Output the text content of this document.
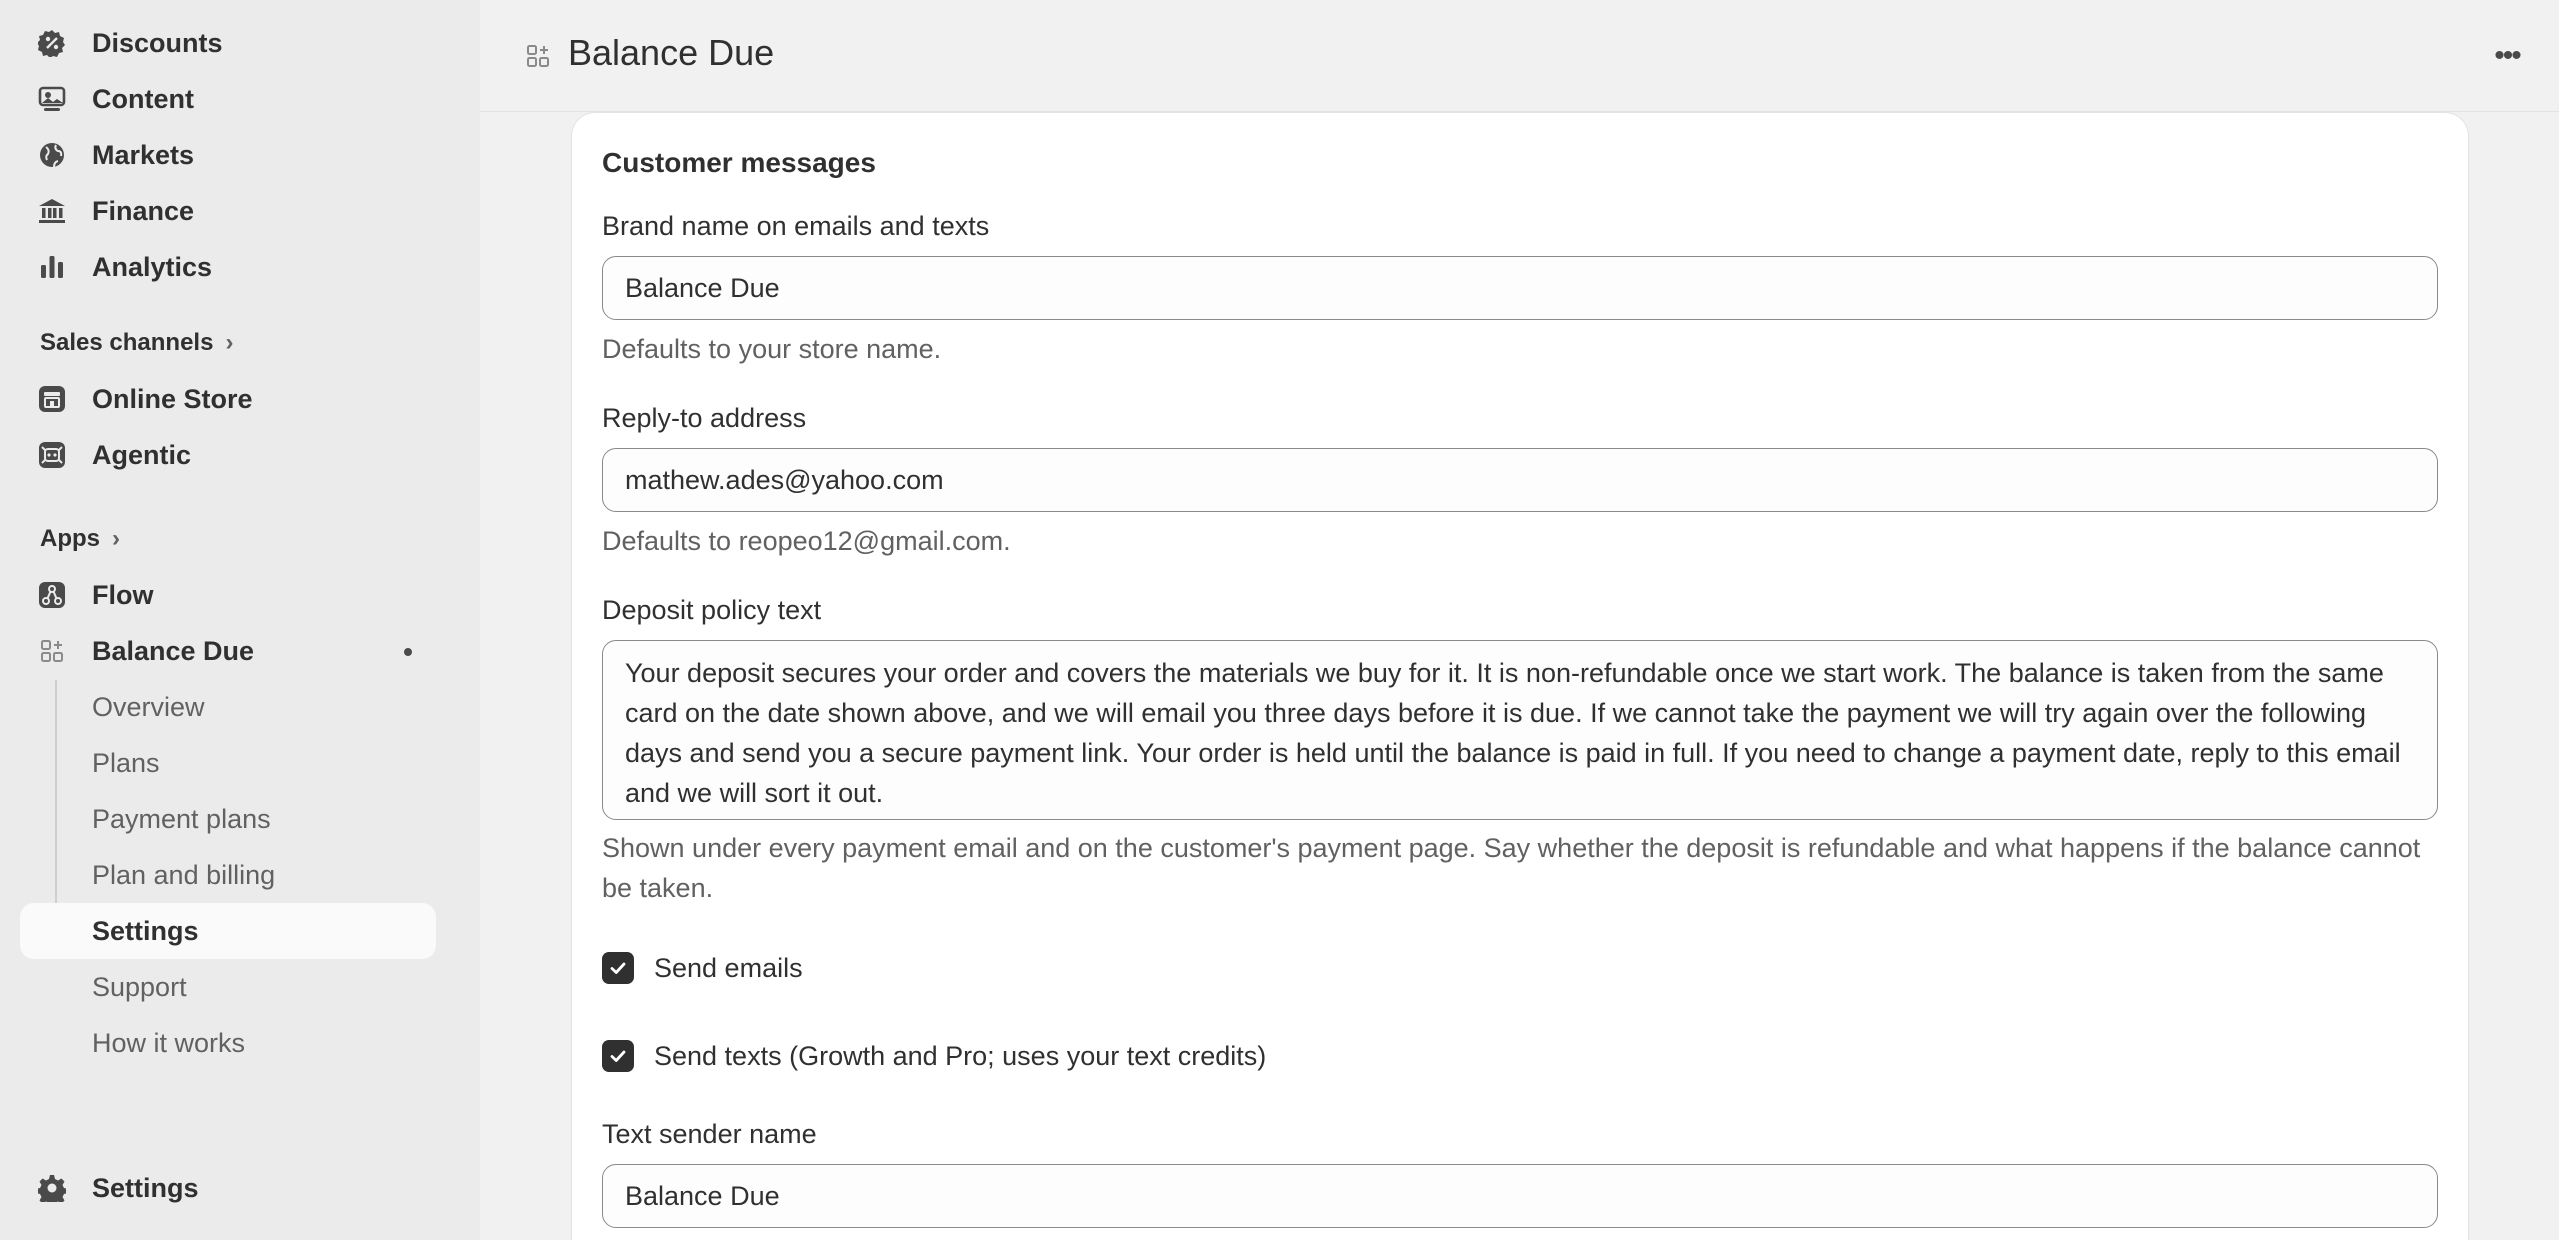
Discounts
Content
Markets
Finance
Analytics
Sales channels ›
Online Store
Agentic
Apps ›
Flow
Balance Due
Overview
Plans
Payment plans
Plan and billing
Settings
Support
How it works
Settings
Balance Due	•••
Customer messages
Brand name on emails and texts
Balance Due

Defaults to your store name.

Reply-to address
mathew.ades@yahoo.com

Defaults to reopeo12@gmail.com.

Deposit policy text
Your deposit secures your order and covers the materials we buy for it. It is non-refundable once we start work. The balance is taken from the same card on the date shown above, and we will email you three days before it is due. If we cannot take the payment we will try again over the following days and send you a secure payment link. Your order is held until the balance is paid in full. If you need to change a payment date, reply to this email and we will sort it out.

Shown under every payment email and on the customer's payment page. Say whether the deposit is refundable and what happens if the balance cannot be taken.

Send emails
Send texts (Growth and Pro; uses your text credits)
Text sender name
Balance Due
